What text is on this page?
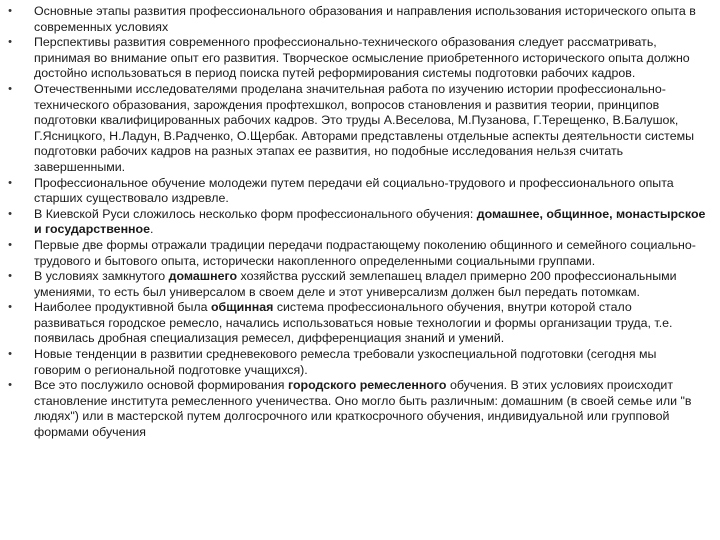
• Основные этапы развития профессионального образования и направления использования исторического опыта в современных условиях
• Перспективы развития современного профессионально-технического образования следует рассматривать, принимая во внимание опыт его развития. Творческое осмысление приобретенного исторического опыта должно достойно использоваться в период поиска путей реформирования системы подготовки рабочих кадров.
• Отечественными исследователями проделана значительная работа по изучению истории профессионально-технического образования, зарождения профтехшкол, вопросов становления и развития теории, принципов подготовки квалифицированных рабочих кадров. Это труды А.Веселова, М.Пузанова, Г.Терещенко, В.Балушок, Г.Ясницкого, Н.Ладун, В.Радченко, О.Щербак. Авторами представлены отдельные аспекты деятельности системы подготовки рабочих кадров на разных этапах ее развития, но подобные исследования нельзя считать завершенными.
• Профессиональное обучение молодежи путем передачи ей социально-трудового и профессионального опыта старших существовало издревле.
• В Киевской Руси сложилось несколько форм профессионального обучения: домашнее, общинное, монастырское и государственное.
• Первые две формы отражали традиции передачи подрастающему поколению общинного и семейного социально-трудового и бытового опыта, исторически накопленного определенными социальными группами.
• В условиях замкнутого домашнего хозяйства русский землепашец владел примерно 200 профессиональными умениями, то есть был универсалом в своем деле и этот универсализм должен был передать потомкам.
• Наиболее продуктивной была общинная система профессионального обучения, внутри которой стало развиваться городское ремесло, начались использоваться новые технологии и формы организации труда, т.е. появилась дробная специализация ремесел, дифференциация знаний и умений.
• Новые тенденции в развитии средневекового ремесла требовали узкоспециальной подготовки (сегодня мы говорим о региональной подготовке учащихся).
• Все это послужило основой формирования городского ремесленного обучения. В этих условиях происходит становление института ремесленного ученичества. Оно могло быть различным: домашним (в своей семье или "в людях") или в мастерской путем долгосрочного или краткосрочного обучения, индивидуальной или групповой формами обучения
